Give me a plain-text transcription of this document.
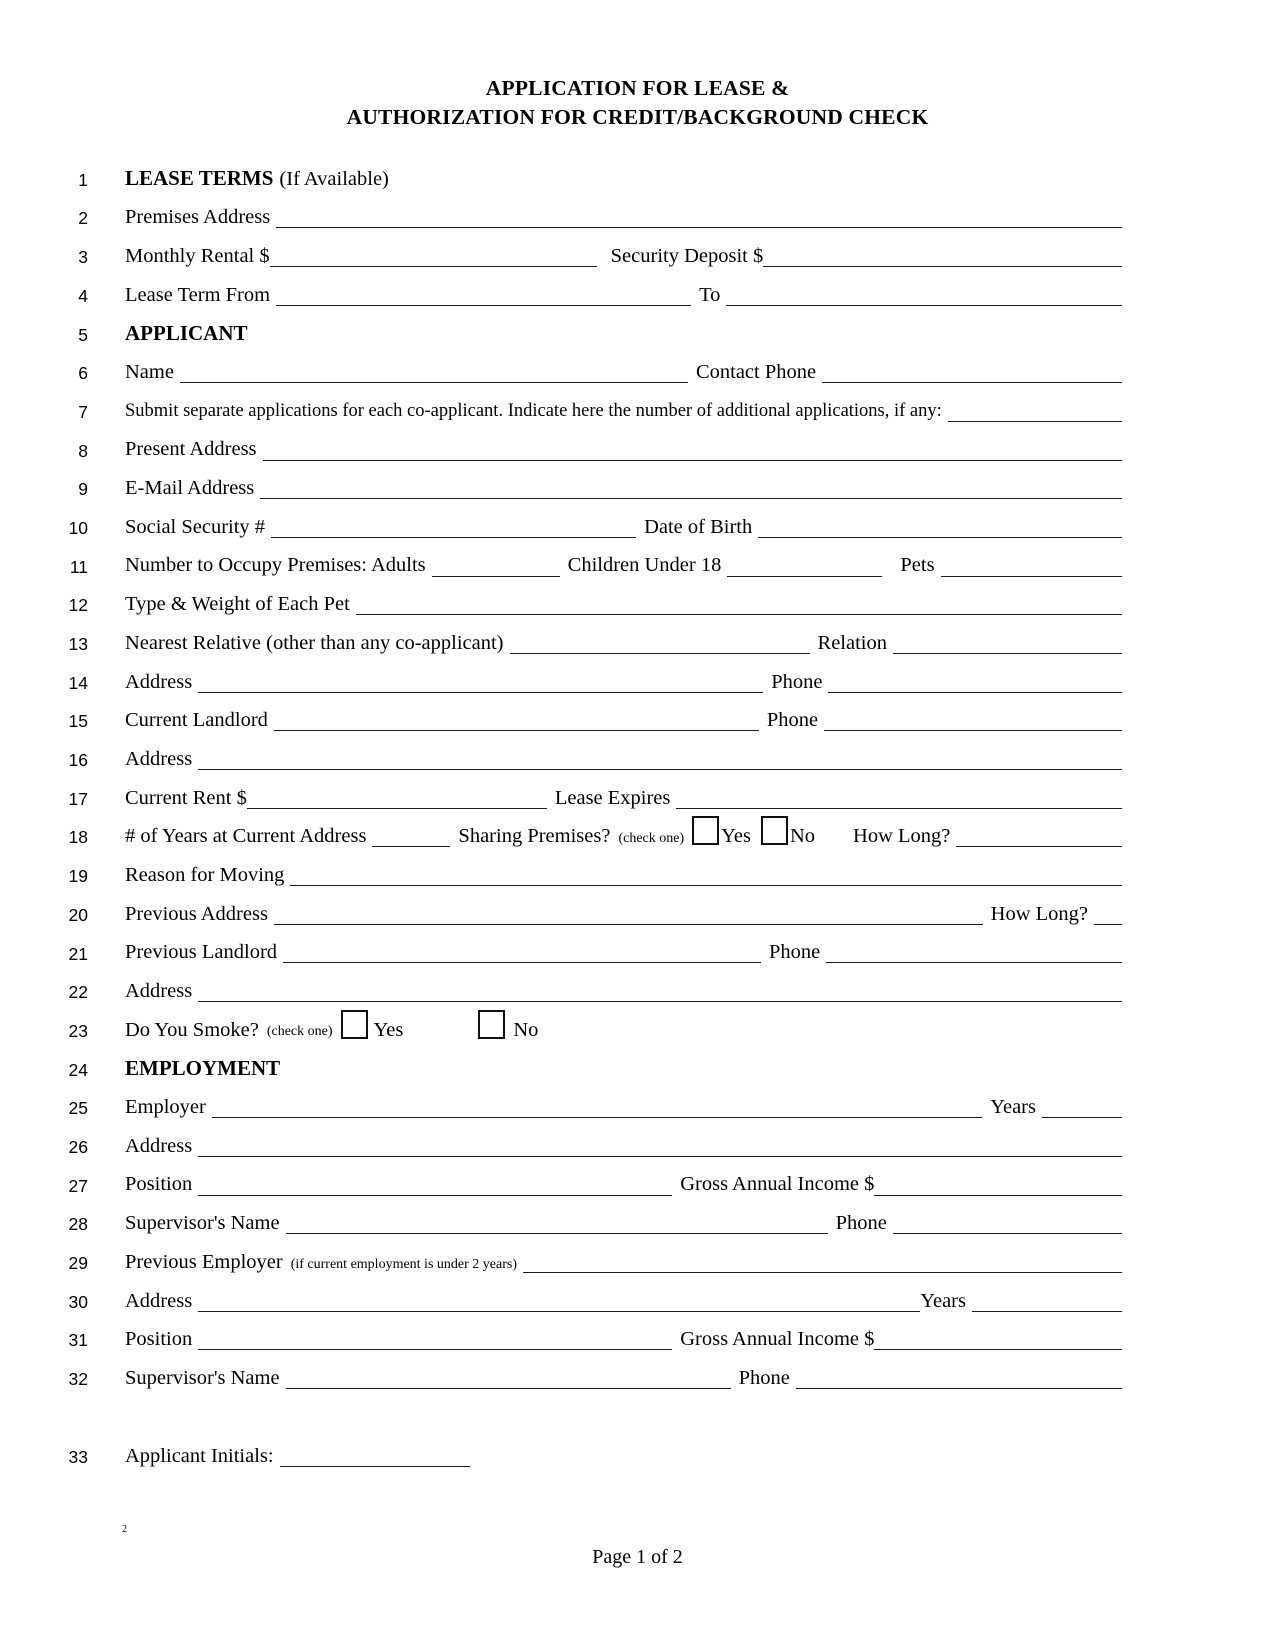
APPLICATION FOR LEASE &
AUTHORIZATION FOR CREDIT/BACKGROUND CHECK
1 LEASE TERMS (If Available)
2 Premises Address
3 Monthly Rental $	Security Deposit $
4 Lease Term From	To
5 APPLICANT
6 Name	Contact Phone
7 Submit separate applications for each co-applicant. Indicate here the number of additional applications, if any:
8 Present Address
9 E-Mail Address
10 Social Security #	Date of Birth
11 Number to Occupy Premises: Adults	Children Under 18	Pets
12 Type & Weight of Each Pet
13 Nearest Relative (other than any co-applicant)	Relation
14 Address	Phone
15 Current Landlord	Phone
16 Address
17 Current Rent $	Lease Expires
18 # of Years at Current Address	Sharing Premises? (check one) Yes No How Long?
19 Reason for Moving
20 Previous Address	How Long?
21 Previous Landlord	Phone
22 Address
23 Do You Smoke? (check one) Yes	No
24 EMPLOYMENT
25 Employer	Years
26 Address
27 Position	Gross Annual Income $
28 Supervisor's Name	Phone
29 Previous Employer (if current employment is under 2 years)
30 Address	Years
31 Position	Gross Annual Income $
32 Supervisor's Name	Phone
33 Applicant Initials:
2
Page 1 of 2
